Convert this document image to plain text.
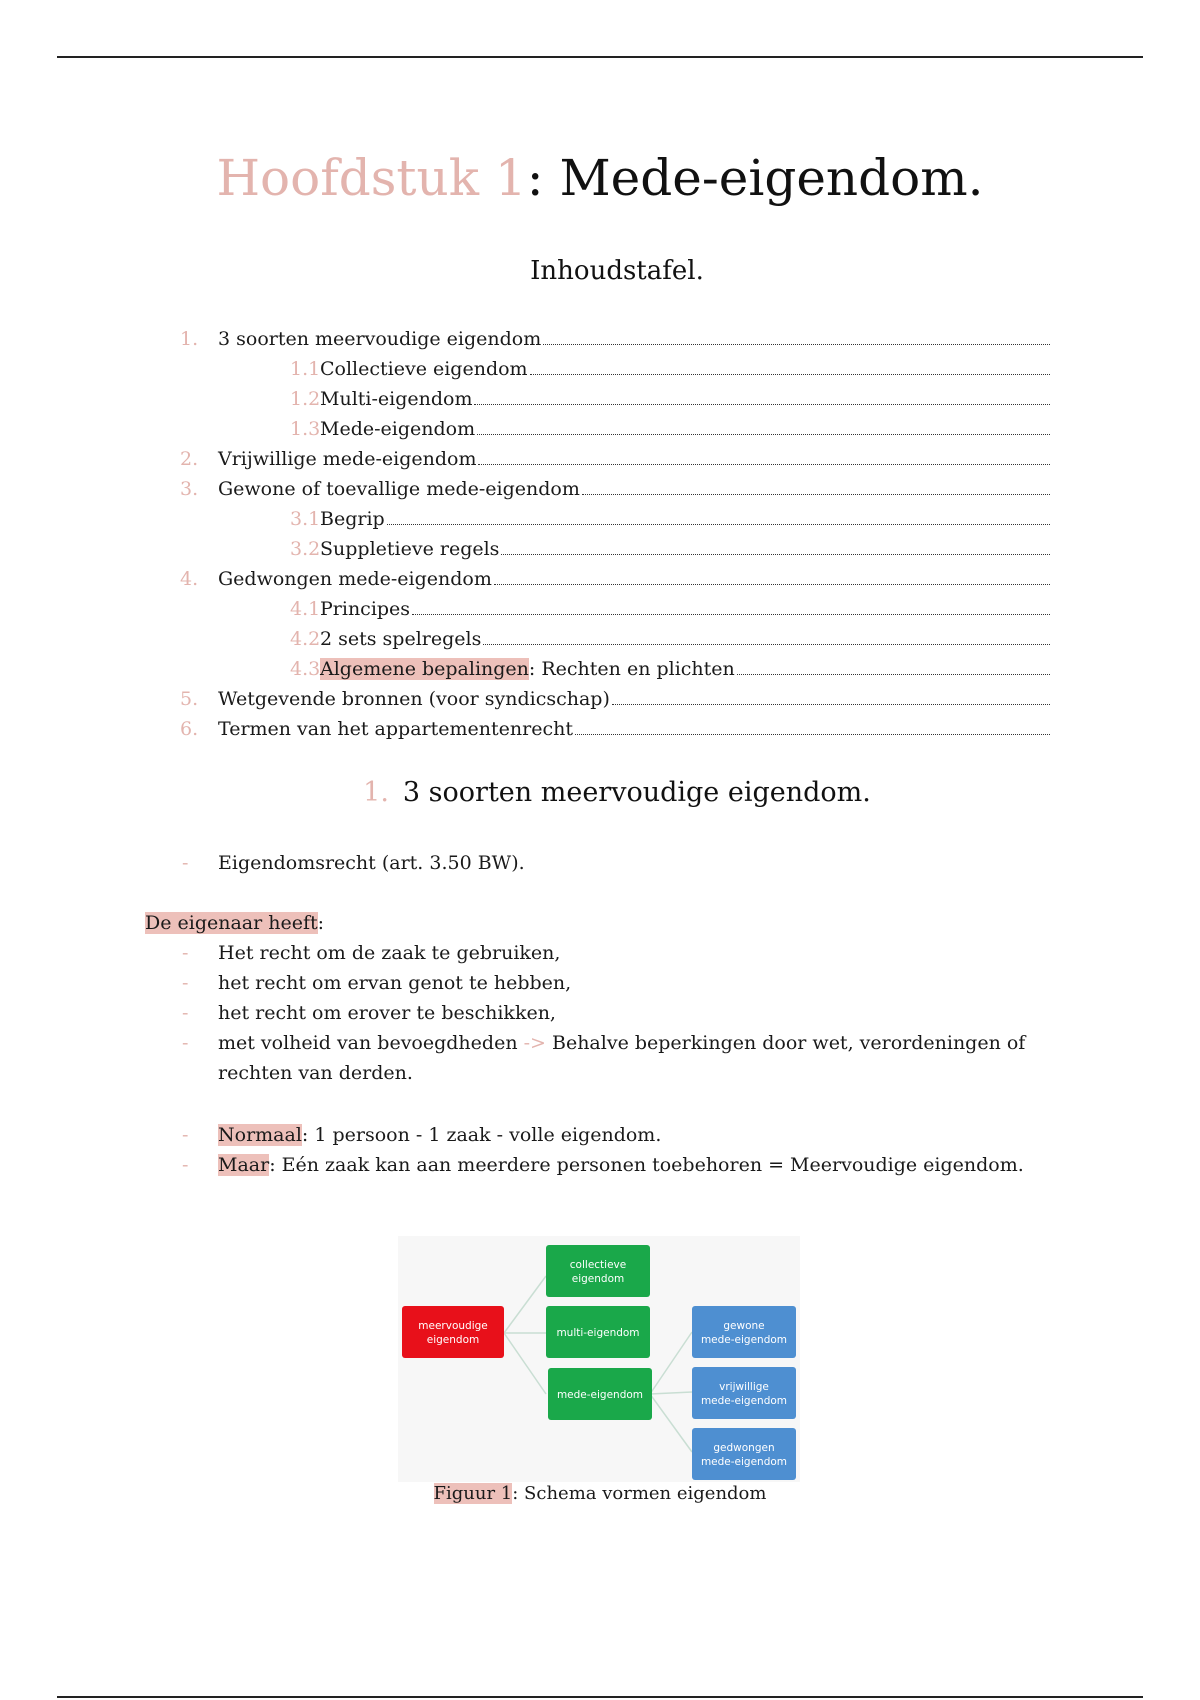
Hoofdstuk 1: Mede-eigendom.
Inhoudstafel.
1.	3 soorten meervoudige eigendom
1.1 Collectieve eigendom
1.2 Multi-eigendom
1.3 Mede-eigendom
2.	Vrijwillige mede-eigendom
3.	Gewone of toevallige mede-eigendom
3.1 Begrip
3.2 Suppletieve regels
4.	Gedwongen mede-eigendom
4.1 Principes
4.2 2 sets spelregels
4.3 Algemene bepalingen: Rechten en plichten
5.	Wetgevende bronnen (voor syndicschap)
6.	Termen van het appartementenrecht
1. 3 soorten meervoudige eigendom.
-	Eigendomsrecht (art. 3.50 BW).
De eigenaar heeft:
-	Het recht om de zaak te gebruiken,
-	het recht om ervan genot te hebben,
-	het recht om erover te beschikken,
-	met volheid van bevoegdheden -> Behalve beperkingen door wet, verordeningen of rechten van derden.
-	Normaal: 1 persoon - 1 zaak - volle eigendom.
-	Maar: Eén zaak kan aan meerdere personen toebehoren = Meervoudige eigendom.
meervoudige
eigendom
collectieve
eigendom
multi-eigendom
mede-eigendom
gewone
mede-eigendom
vrijwillige
mede-eigendom
gedwongen
mede-eigendom
Figuur 1: Schema vormen eigendom
